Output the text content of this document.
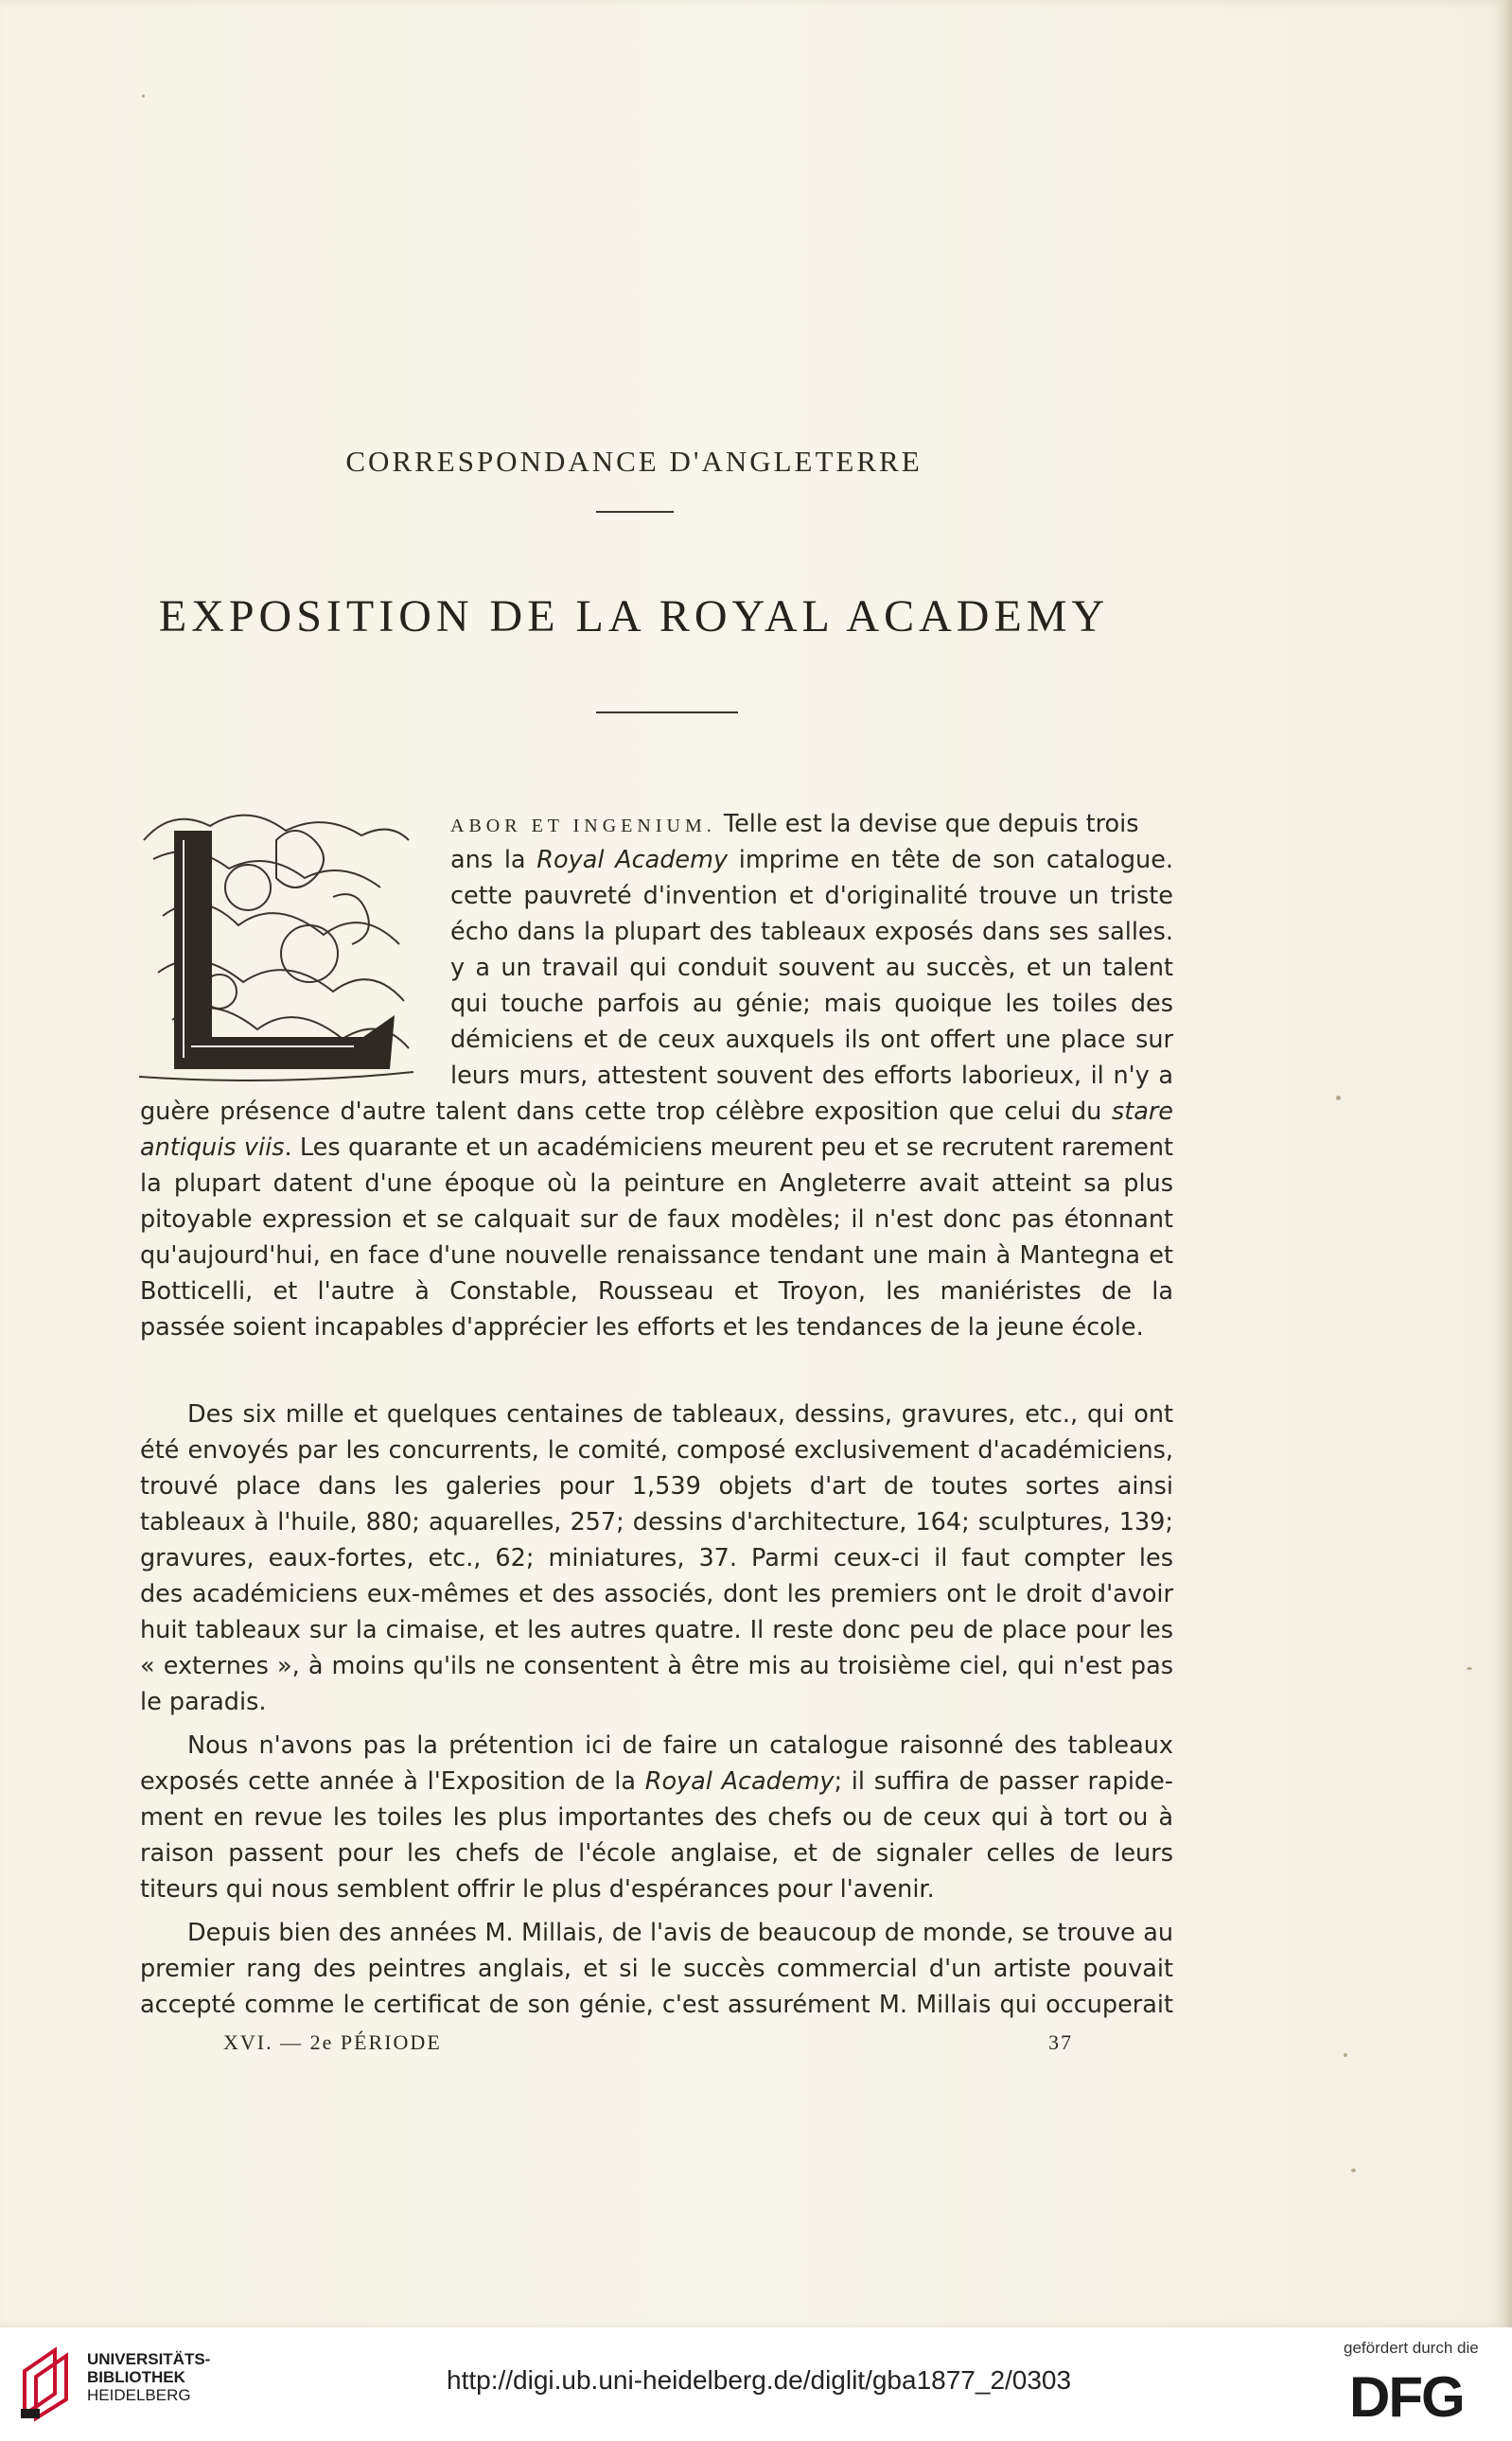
CORRESPONDANCE D'ANGLETERRE
EXPOSITION DE LA ROYAL ACADEMY
ABOR ET INGENIUM. Telle est la devise que depuis trois
ans la Royal Academy imprime en tête de son catalogue.
cette pauvreté d'invention et d'originalité trouve un triste
écho dans la plupart des tableaux exposés dans ses salles.
y a un travail qui conduit souvent au succès, et un talent
qui touche parfois au génie; mais quoique les toiles des
démiciens et de ceux auxquels ils ont offert une place sur
leurs murs, attestent souvent des efforts laborieux, il n'y a
guère présence d'autre talent dans cette trop célèbre exposition que celui du stare
antiquis viis. Les quarante et un académiciens meurent peu et se recrutent rarement
la plupart datent d'une époque où la peinture en Angleterre avait atteint sa plus
pitoyable expression et se calquait sur de faux modèles; il n'est donc pas étonnant
qu'aujourd'hui, en face d'une nouvelle renaissance tendant une main à Mantegna et
Botticelli, et l'autre à Constable, Rousseau et Troyon, les maniéristes de la
passée soient incapables d'apprécier les efforts et les tendances de la jeune école.
Des six mille et quelques centaines de tableaux, dessins, gravures, etc., qui ont
été envoyés par les concurrents, le comité, composé exclusivement d'académiciens,
trouvé place dans les galeries pour 1,539 objets d'art de toutes sortes ainsi
tableaux à l'huile, 880; aquarelles, 257; dessins d'architecture, 164; sculptures, 139;
gravures, eaux-fortes, etc., 62; miniatures, 37. Parmi ceux-ci il faut compter les
des académiciens eux-mêmes et des associés, dont les premiers ont le droit d'avoir
huit tableaux sur la cimaise, et les autres quatre. Il reste donc peu de place pour les
« externes », à moins qu'ils ne consentent à être mis au troisième ciel, qui n'est pas
le paradis.
Nous n'avons pas la prétention ici de faire un catalogue raisonné des tableaux
exposés cette année à l'Exposition de la Royal Academy; il suffira de passer rapide-
ment en revue les toiles les plus importantes des chefs ou de ceux qui à tort ou à
raison passent pour les chefs de l'école anglaise, et de signaler celles de leurs
titeurs qui nous semblent offrir le plus d'espérances pour l'avenir.
Depuis bien des années M. Millais, de l'avis de beaucoup de monde, se trouve au
premier rang des peintres anglais, et si le succès commercial d'un artiste pouvait
accepté comme le certificat de son génie, c'est assurément M. Millais qui occuperait
XVI. — 2e PÉRIODE	37
UNIVERSITÄTS-
BIBLIOTHEK
HEIDELBERG
http://digi.ub.uni-heidelberg.de/diglit/gba1877_2/0303
gefördert durch die
DFG
